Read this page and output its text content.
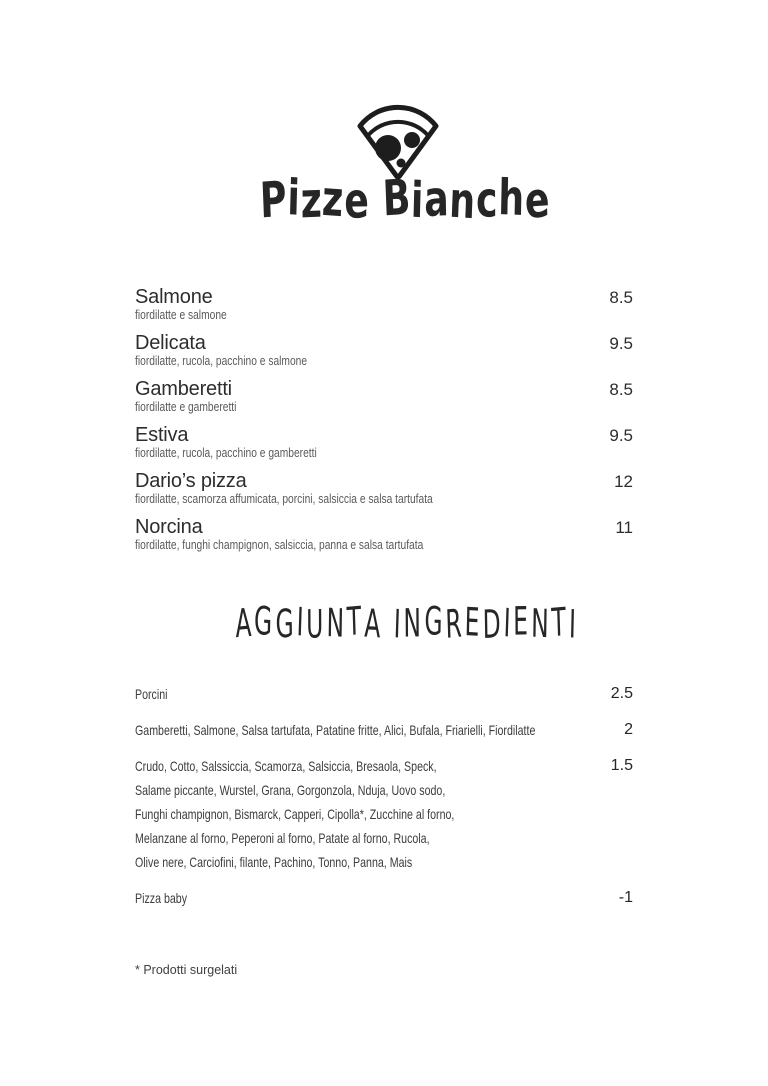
Pizze Bianche
Salmone
fiordilatte e salmone
8.5
Delicata
fiordilatte, rucola, pacchino e salmone
9.5
Gamberetti
fiordilatte e gamberetti
8.5
Estiva
fiordilatte, rucola, pacchino e gamberetti
9.5
Dario’s pizza
fiordilatte, scamorza affumicata, porcini, salsiccia e salsa tartufata
12
Norcina
fiordilatte, funghi champignon, salsiccia, panna e salsa tartufata
11
AGGIUNTA INGREDIENTI
Porcini	2.5
Gamberetti, Salmone, Salsa tartufata, Patatine fritte, Alici, Bufala, Friarielli, Fiordilatte	2
Crudo, Cotto, Salssiccia, Scamorza, Salsiccia, Bresaola, Speck,
Salame piccante, Wurstel, Grana, Gorgonzola, Nduja, Uovo sodo,
Funghi champignon, Bismarck, Capperi, Cipolla*, Zucchine al forno,
Melanzane al forno, Peperoni al forno, Patate al forno, Rucola,
Olive nere, Carciofini, filante, Pachino, Tonno, Panna, Mais
1.5
Pizza baby	-1
* Prodotti surgelati
